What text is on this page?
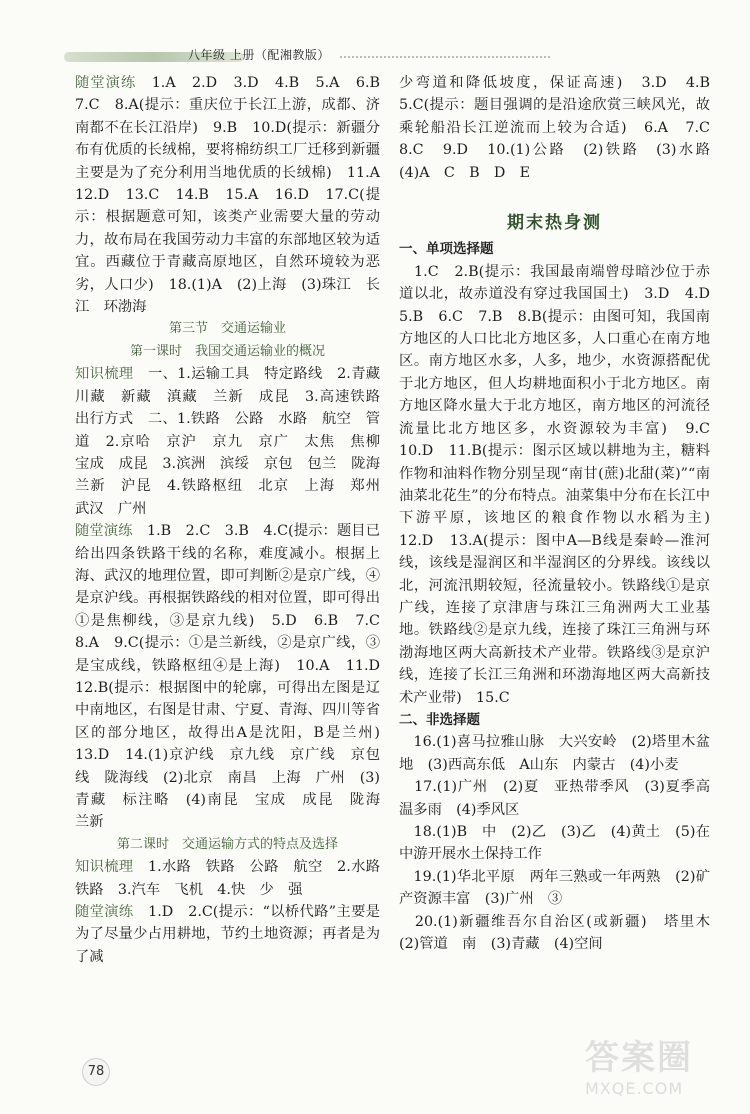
八年级 上册（配湘教版）

随堂演练　1.A　2.D　3.D　4.B　5.A　6.B　7.C　8.A(提示：重庆位于长江上游，成都、济南都不在长江沿岸)　9.B　10.D(提示：新疆分布有优质的长绒棉，要将棉纺织工厂迁移到新疆主要是为了充分利用当地优质的长绒棉)　11.A　12.D　13.C　14.B　15.A　16.D　17.C(提示：根据题意可知，该类产业需要大量的劳动力，故布局在我国劳动力丰富的东部地区较为适宜。西藏位于青藏高原地区，自然环境较为恶劣，人口少)　18.(1)A　(2)上海　(3)珠江　长江　环渤海

第三节　交通运输业

第一课时　我国交通运输业的概况

知识梳理　一、1.运输工具　特定路线　2.青藏　川藏　新藏　滇藏　兰新　成昆　3.高速铁路　出行方式　二、1.铁路　公路　水路　航空　管道　2.京哈　京沪　京九　京广　太焦　焦柳　宝成　成昆　3.滨洲　滨绥　京包　包兰　陇海　兰新　沪昆　4.铁路枢纽　北京　上海　郑州　武汉　广州

随堂演练　1.B　2.C　3.B　4.C(提示：题目已给出四条铁路干线的名称，难度减小。根据上海、武汉的地理位置，即可判断②是京广线，④是京沪线。再根据铁路线的相对位置，即可得出①是焦柳线，③是京九线)　5.D　6.B　7.C　8.A　9.C(提示：①是兰新线，②是京广线，③是宝成线，铁路枢纽④是上海)　10.A　11.D　12.B(提示：根据图中的轮廓，可得出左图是辽中南地区，右图是甘肃、宁夏、青海、四川等省区的部分地区，故得出A是沈阳，B是兰州)　13.D　14.(1)京沪线　京九线　京广线　京包线　陇海线　(2)北京　南昌　上海　广州　(3)青藏　标注略　(4)南昆　宝成　成昆　陇海　兰新

第二课时　交通运输方式的特点及选择

知识梳理　1.水路　铁路　公路　航空　2.水路　铁路　3.汽车　飞机　4.快　少　强

随堂演练　1.D　2.C(提示：“以桥代路”主要是为了尽量少占用耕地，节约土地资源；再者是为了减

少弯道和降低坡度，保证高速)　3.D　4.B　5.C(提示：题目强调的是沿途欣赏三峡风光，故乘轮船沿长江逆流而上较为合适)　6.A　7.C　8.C　9.D　10.(1)公路　(2)铁路　(3)水路　(4)A　C　B　D　E

期末热身测

一、单项选择题

　1.C　2.B(提示：我国最南端曾母暗沙位于赤道以北，故赤道没有穿过我国国土)　3.D　4.D　5.B　6.C　7.B　8.B(提示：由图可知，我国南方地区的人口比北方地区多，人口重心在南方地区。南方地区水多，人多，地少，水资源搭配优于北方地区，但人均耕地面积小于北方地区。南方地区降水量大于北方地区，南方地区的河流径流量比北方地区多，水资源较为丰富)　9.C　10.D　11.B(提示：图示区域以耕地为主，糖料作物和油料作物分别呈现“南甘(蔗)北甜(菜)”“南油菜北花生”的分布特点。油菜集中分布在长江中下游平原，该地区的粮食作物以水稻为主)　12.D　13.A(提示：图中A—B线是秦岭—淮河线，该线是湿润区和半湿润区的分界线。该线以北，河流汛期较短，径流量较小。铁路线①是京广线，连接了京津唐与珠江三角洲两大工业基地。铁路线②是京九线，连接了珠江三角洲与环渤海地区两大高新技术产业带。铁路线③是京沪线，连接了长江三角洲和环渤海地区两大高新技术产业带)　15.C

二、非选择题

　16.(1)喜马拉雅山脉　大兴安岭　(2)塔里木盆地　(3)西高东低　A山东　内蒙古　(4)小麦

　17.(1)广州　(2)夏　亚热带季风　(3)夏季高温多雨　(4)季风区

　18.(1)B　中　(2)乙　(3)乙　(4)黄土　(5)在中游开展水土保持工作

　19.(1)华北平原　两年三熟或一年两熟　(2)矿产资源丰富　(3)广州　③

　20.(1)新疆维吾尔自治区(或新疆)　塔里木　(2)管道　南　(3)青藏　(4)空间

78	答案圈
MXQE.COM
